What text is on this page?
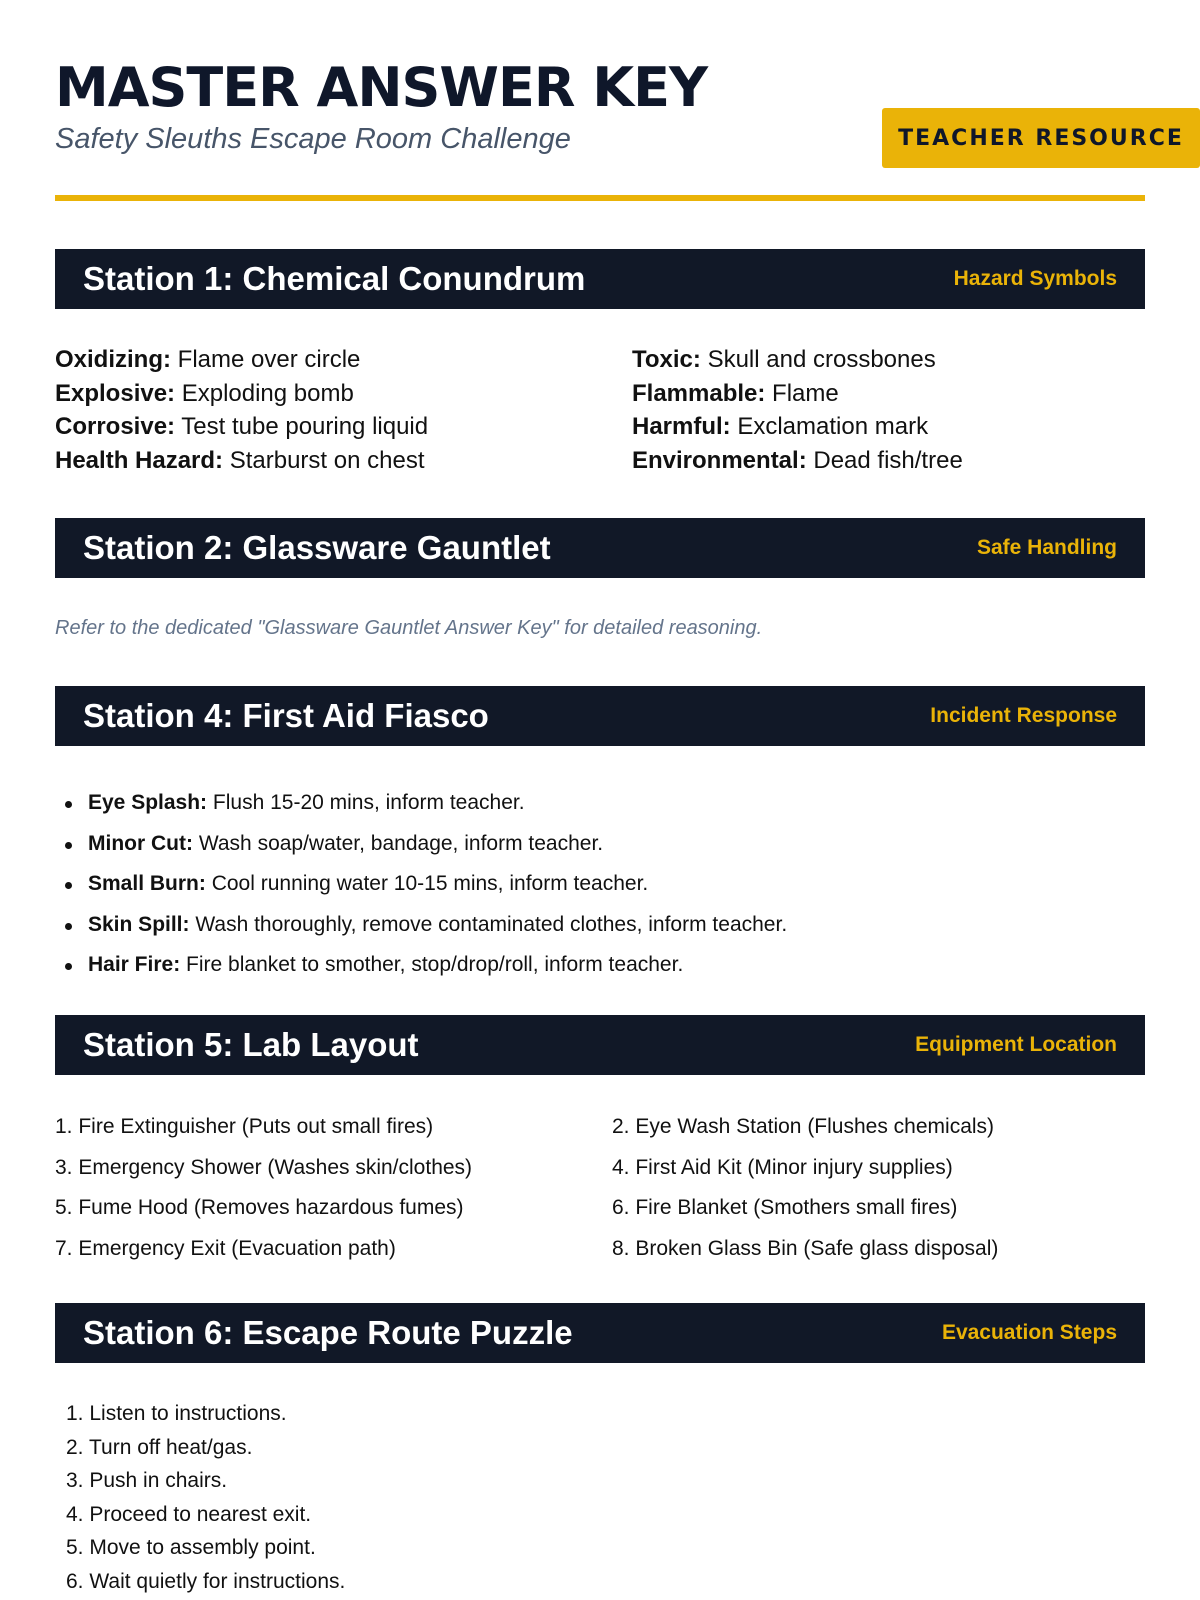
MASTER ANSWER KEY
Safety Sleuths Escape Room Challenge	TEACHER RESOURCE
Station 1: Chemical Conundrum	Hazard Symbols
Oxidizing: Flame over circle	Toxic: Skull and crossbones
Explosive: Exploding bomb	Flammable: Flame
Corrosive: Test tube pouring liquid	Harmful: Exclamation mark
Health Hazard: Starburst on chest	Environmental: Dead fish/tree
Station 2: Glassware Gauntlet	Safe Handling
Refer to the dedicated "Glassware Gauntlet Answer Key" for detailed reasoning.
Station 4: First Aid Fiasco	Incident Response
Eye Splash: Flush 15-20 mins, inform teacher.
Minor Cut: Wash soap/water, bandage, inform teacher.
Small Burn: Cool running water 10-15 mins, inform teacher.
Skin Spill: Wash thoroughly, remove contaminated clothes, inform teacher.
Hair Fire: Fire blanket to smother, stop/drop/roll, inform teacher.
Station 5: Lab Layout	Equipment Location
1. Fire Extinguisher (Puts out small fires)	2. Eye Wash Station (Flushes chemicals)
3. Emergency Shower (Washes skin/clothes)	4. First Aid Kit (Minor injury supplies)
5. Fume Hood (Removes hazardous fumes)	6. Fire Blanket (Smothers small fires)
7. Emergency Exit (Evacuation path)	8. Broken Glass Bin (Safe glass disposal)
Station 6: Escape Route Puzzle	Evacuation Steps
1. Listen to instructions.
2. Turn off heat/gas.
3. Push in chairs.
4. Proceed to nearest exit.
5. Move to assembly point.
6. Wait quietly for instructions.
